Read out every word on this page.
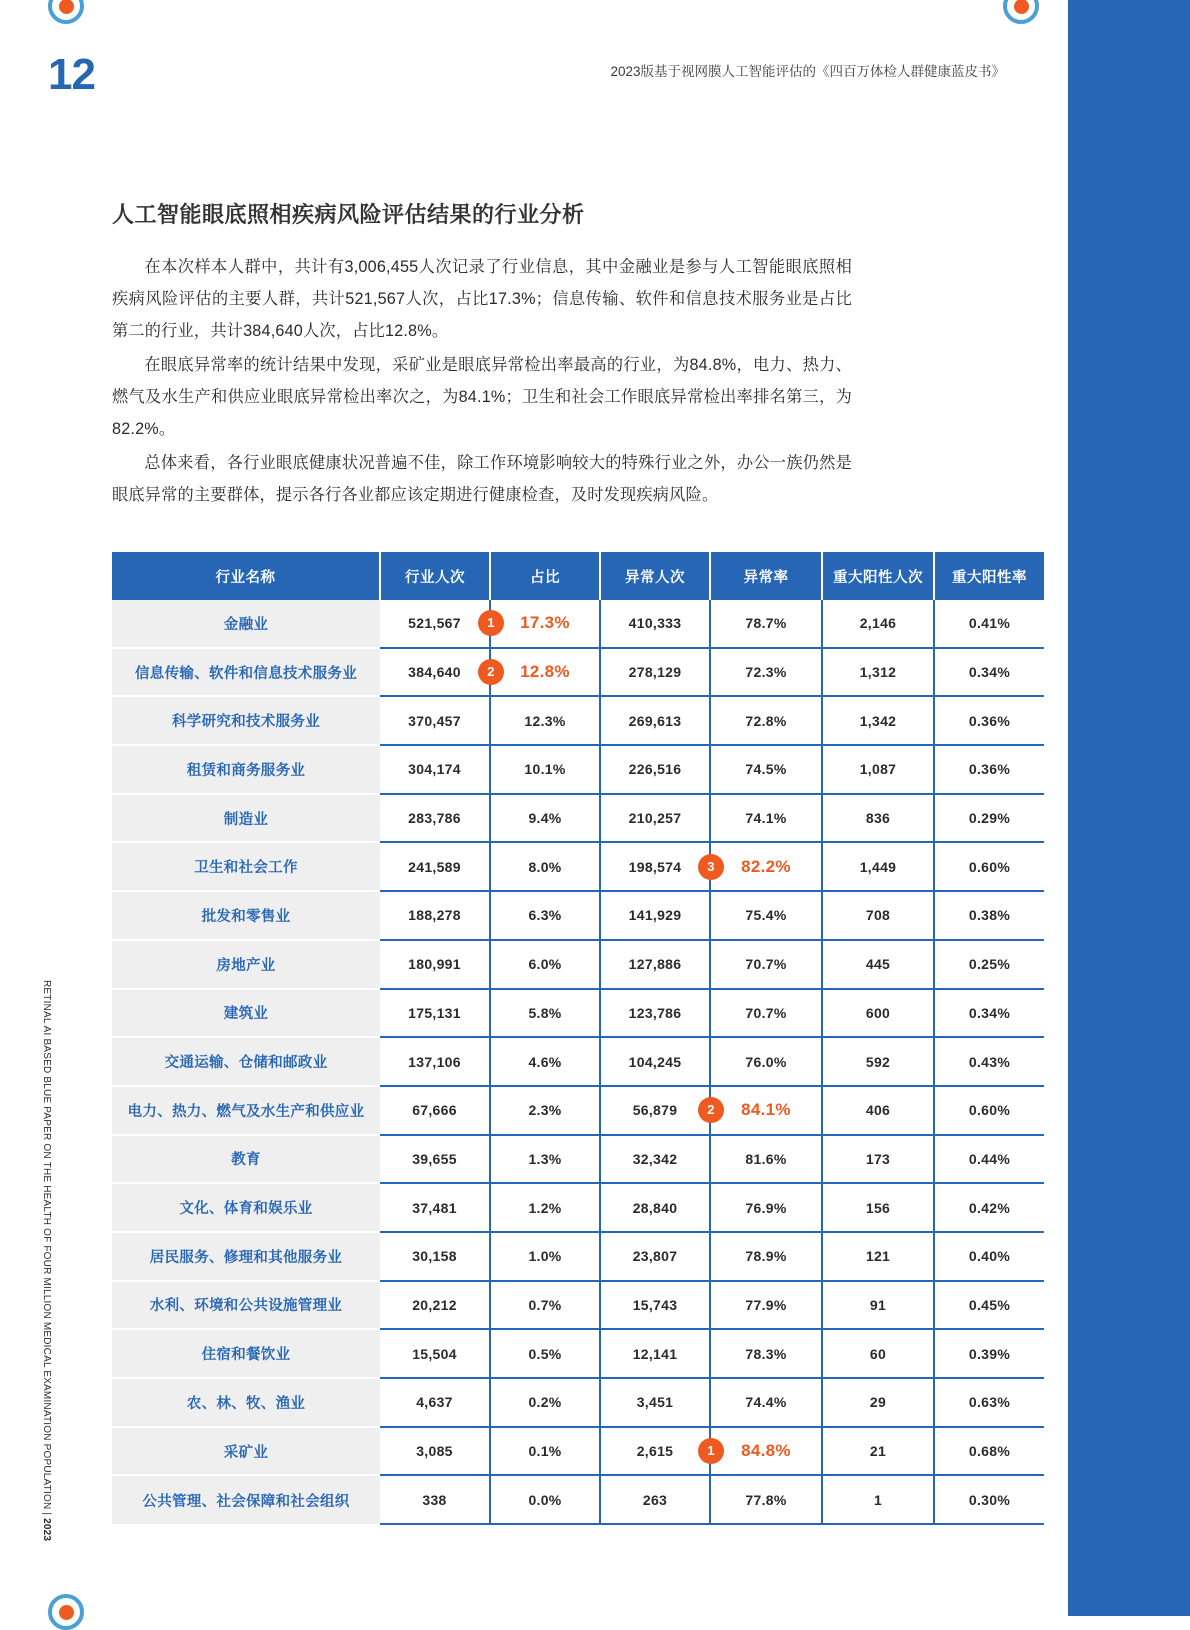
12	2023版基于视网膜人工智能评估的《四百万体检人群健康蓝皮书》
RETINAL AI BASED BLUE PAPER ON THE HEALTH OF FOUR MILLION MEDICAL EXAMINATION POPULATION | 2023
人工智能眼底照相疾病风险评估结果的行业分析

在本次样本人群中，共计有3,006,455人次记录了行业信息，其中金融业是参与人工智能眼底照相疾病风险评估的主要人群，共计521,567人次，占比17.3%；信息传输、软件和信息技术服务业是占比第二的行业，共计384,640人次，占比12.8%。

在眼底异常率的统计结果中发现，采矿业是眼底异常检出率最高的行业，为84.8%，电力、热力、燃气及水生产和供应业眼底异常检出率次之，为84.1%；卫生和社会工作眼底异常检出率排名第三，为82.2%。

总体来看，各行业眼底健康状况普遍不佳，除工作环境影响较大的特殊行业之外，办公一族仍然是眼底异常的主要群体，提示各行各业都应该定期进行健康检查，及时发现疾病风险。

行业名称	行业人次	占比	异常人次	异常率	重大阳性人次	重大阳性率
金融业	521,567	1 17.3%	410,333	78.7%	2,146	0.41%
信息传输、软件和信息技术服务业	384,640	2 12.8%	278,129	72.3%	1,312	0.34%
科学研究和技术服务业	370,457	12.3%	269,613	72.8%	1,342	0.36%
租赁和商务服务业	304,174	10.1%	226,516	74.5%	1,087	0.36%
制造业	283,786	9.4%	210,257	74.1%	836	0.29%
卫生和社会工作	241,589	8.0%	198,574	3 82.2%	1,449	0.60%
批发和零售业	188,278	6.3%	141,929	75.4%	708	0.38%
房地产业	180,991	6.0%	127,886	70.7%	445	0.25%
建筑业	175,131	5.8%	123,786	70.7%	600	0.34%
交通运输、仓储和邮政业	137,106	4.6%	104,245	76.0%	592	0.43%
电力、热力、燃气及水生产和供应业	67,666	2.3%	56,879	2 84.1%	406	0.60%
教育	39,655	1.3%	32,342	81.6%	173	0.44%
文化、体育和娱乐业	37,481	1.2%	28,840	76.9%	156	0.42%
居民服务、修理和其他服务业	30,158	1.0%	23,807	78.9%	121	0.40%
水利、环境和公共设施管理业	20,212	0.7%	15,743	77.9%	91	0.45%
住宿和餐饮业	15,504	0.5%	12,141	78.3%	60	0.39%
农、林、牧、渔业	4,637	0.2%	3,451	74.4%	29	0.63%
采矿业	3,085	0.1%	2,615	1 84.8%	21	0.68%
公共管理、社会保障和社会组织	338	0.0%	263	77.8%	1	0.30%
